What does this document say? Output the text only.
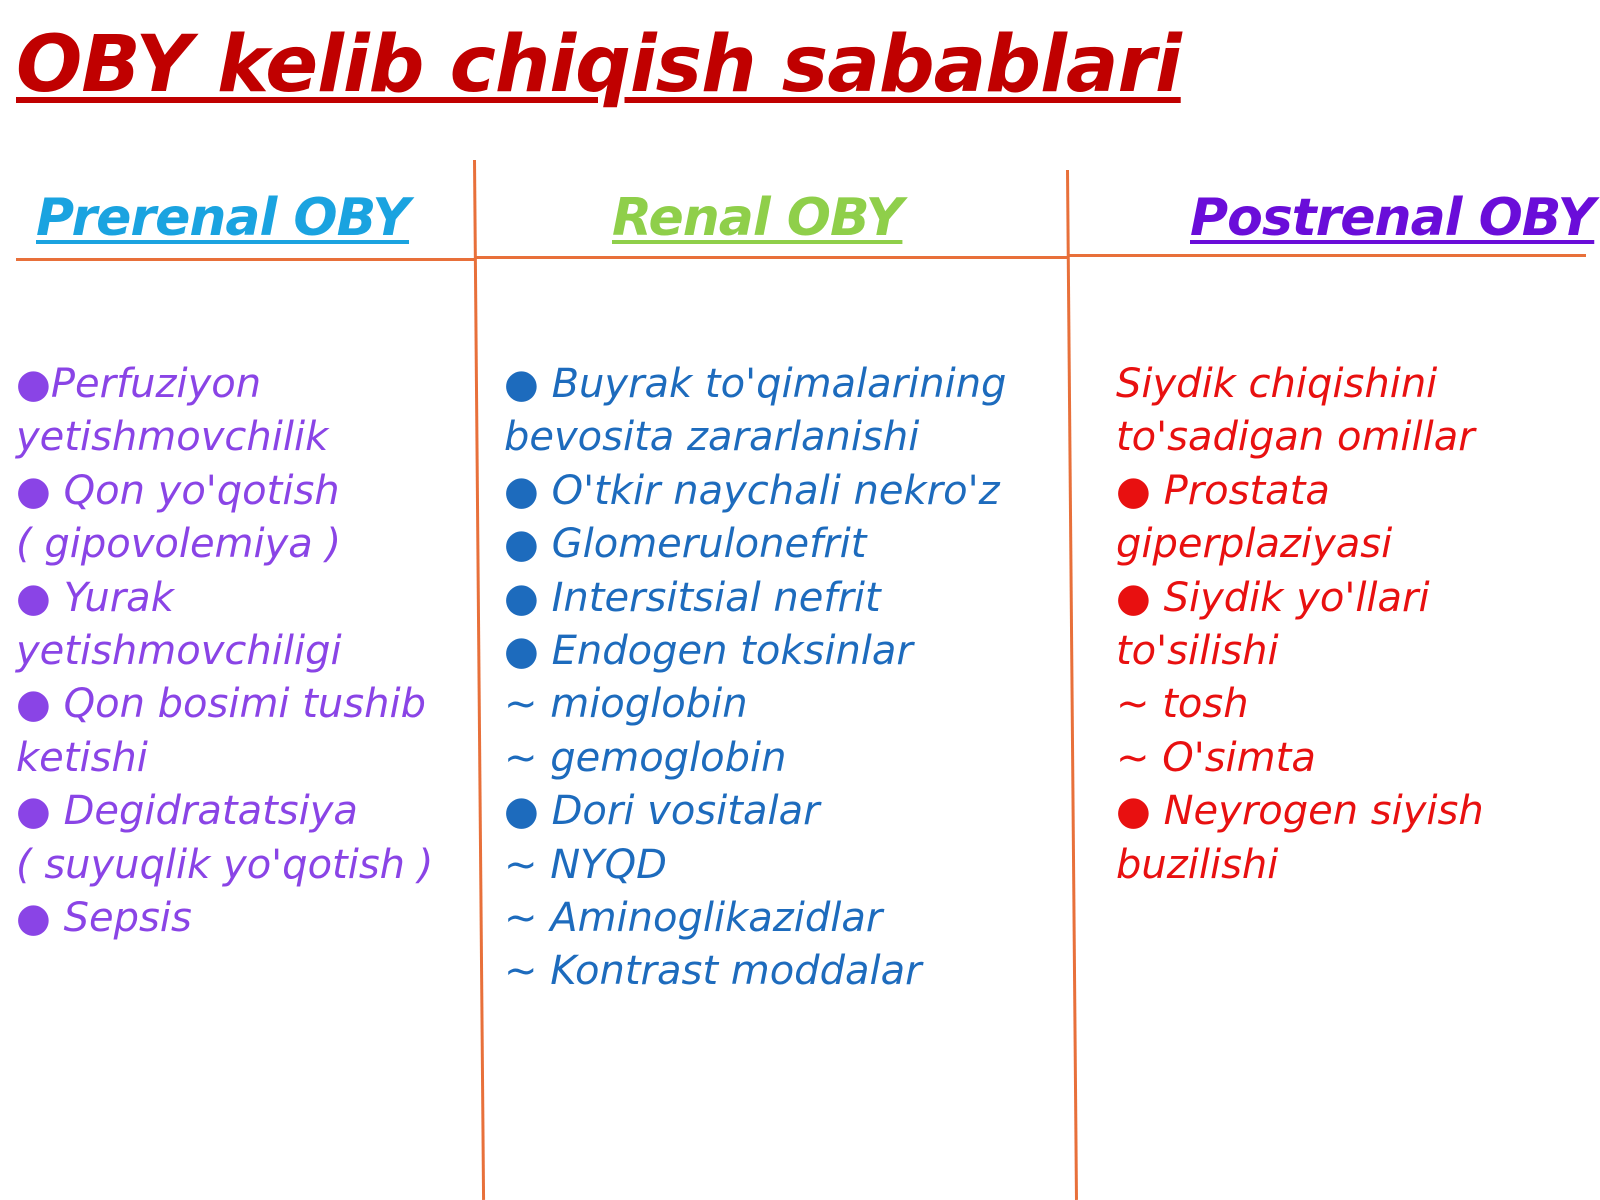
OBY kelib chiqish sabablari
Prerenal OBY	Renal OBY	Postrenal OBY
●Perfuziyon
yetishmovchilik
● Qon yo'qotish
( gipovolemiya )
● Yurak
yetishmovchiligi
● Qon bosimi tushib
ketishi
● Degidratatsiya
( suyuqlik yo'qotish )
● Sepsis
● Buyrak to'qimalarining
bevosita zararlanishi
● O'tkir naychali nekro'z
● Glomerulonefrit
● Intersitsial nefrit
● Endogen toksinlar
~ mioglobin
~ gemoglobin
● Dori vositalar
~ NYQD
~ Aminoglikazidlar
~ Kontrast moddalar
Siydik chiqishini
to'sadigan omillar
● Prostata giperplaziyasi
● Siydik yo'llari to'silishi
~ tosh
~ O'simta
● Neyrogen siyish
buzilishi
